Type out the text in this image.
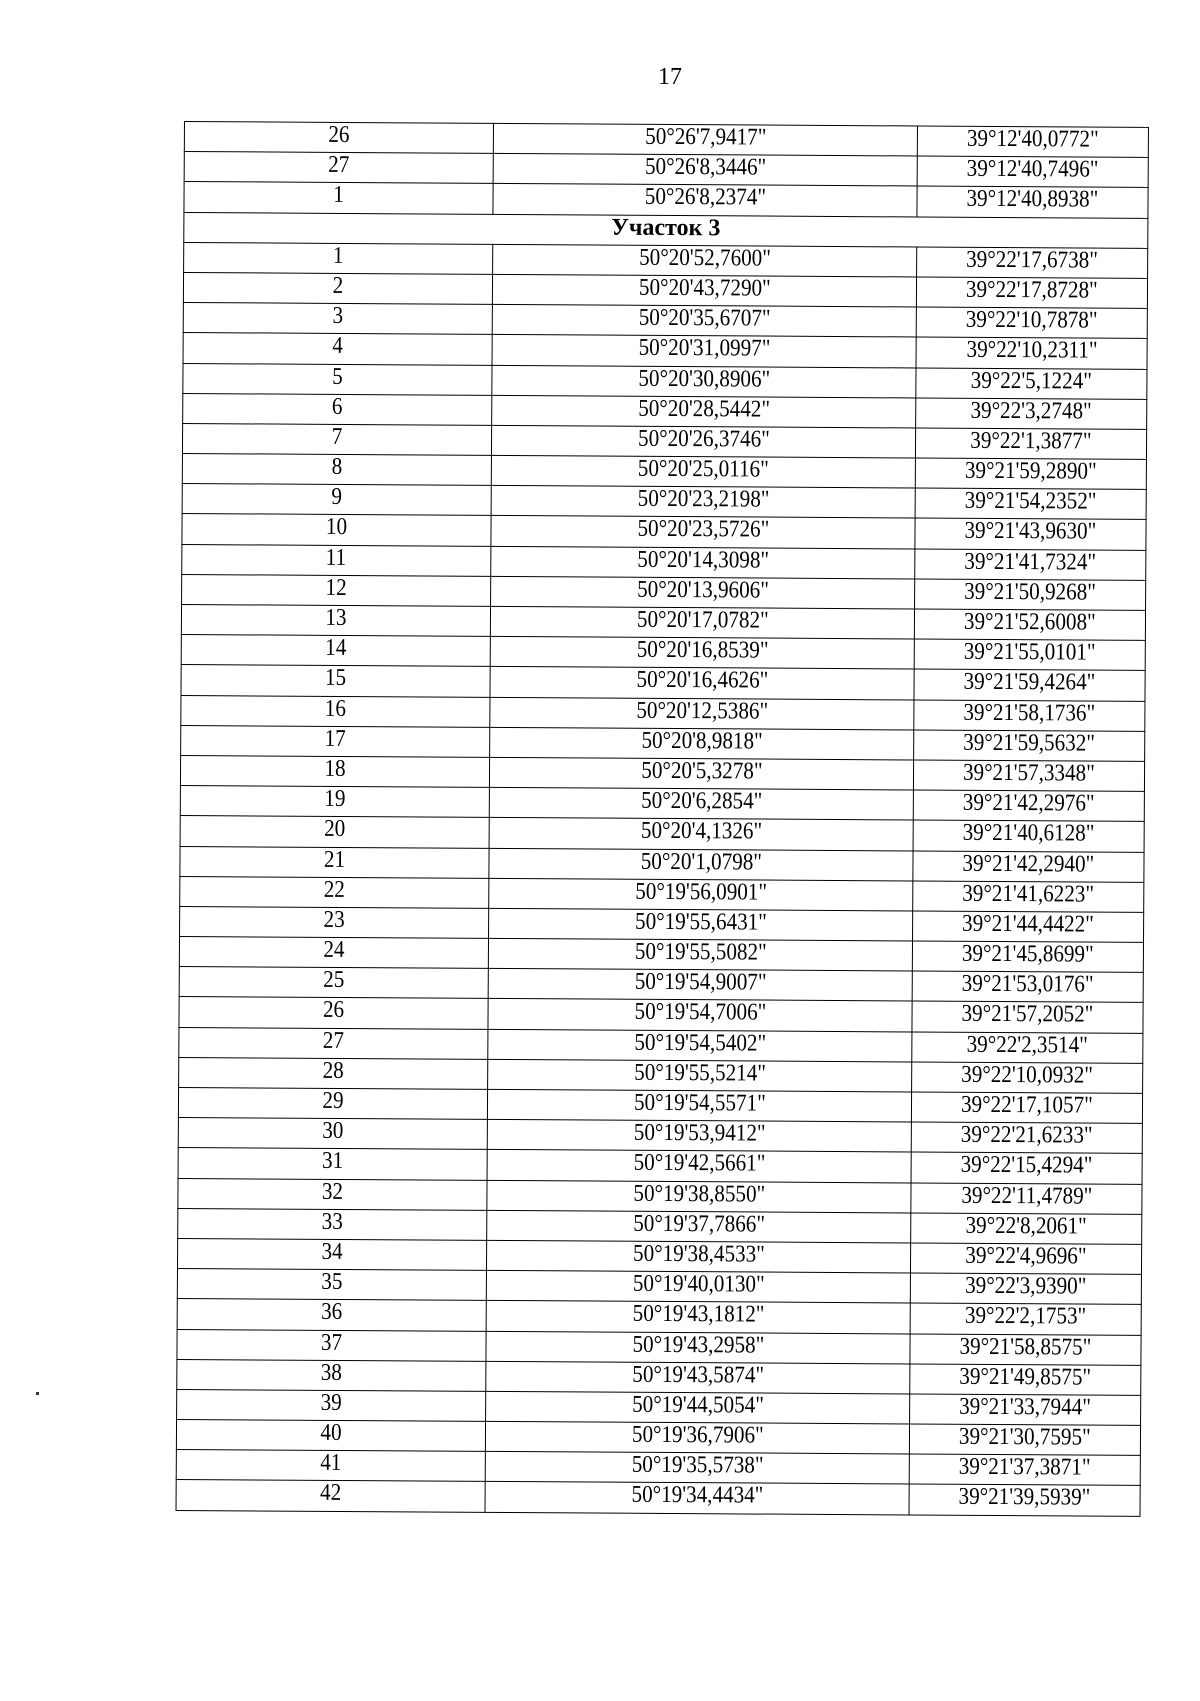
17
26	50°26'7,9417"	39°12'40,0772"
27	50°26'8,3446"	39°12'40,7496"
1	50°26'8,2374"	39°12'40,8938"
Участок 3		
1	50°20'52,7600"	39°22'17,6738"
2	50°20'43,7290"	39°22'17,8728"
3	50°20'35,6707"	39°22'10,7878"
4	50°20'31,0997"	39°22'10,2311"
5	50°20'30,8906"	39°22'5,1224"
6	50°20'28,5442"	39°22'3,2748"
7	50°20'26,3746"	39°22'1,3877"
8	50°20'25,0116"	39°21'59,2890"
9	50°20'23,2198"	39°21'54,2352"
10	50°20'23,5726"	39°21'43,9630"
11	50°20'14,3098"	39°21'41,7324"
12	50°20'13,9606"	39°21'50,9268"
13	50°20'17,0782"	39°21'52,6008"
14	50°20'16,8539"	39°21'55,0101"
15	50°20'16,4626"	39°21'59,4264"
16	50°20'12,5386"	39°21'58,1736"
17	50°20'8,9818"	39°21'59,5632"
18	50°20'5,3278"	39°21'57,3348"
19	50°20'6,2854"	39°21'42,2976"
20	50°20'4,1326"	39°21'40,6128"
21	50°20'1,0798"	39°21'42,2940"
22	50°19'56,0901"	39°21'41,6223"
23	50°19'55,6431"	39°21'44,4422"
24	50°19'55,5082"	39°21'45,8699"
25	50°19'54,9007"	39°21'53,0176"
26	50°19'54,7006"	39°21'57,2052"
27	50°19'54,5402"	39°22'2,3514"
28	50°19'55,5214"	39°22'10,0932"
29	50°19'54,5571"	39°22'17,1057"
30	50°19'53,9412"	39°22'21,6233"
31	50°19'42,5661"	39°22'15,4294"
32	50°19'38,8550"	39°22'11,4789"
33	50°19'37,7866"	39°22'8,2061"
34	50°19'38,4533"	39°22'4,9696"
35	50°19'40,0130"	39°22'3,9390"
36	50°19'43,1812"	39°22'2,1753"
37	50°19'43,2958"	39°21'58,8575"
38	50°19'43,5874"	39°21'49,8575"
39	50°19'44,5054"	39°21'33,7944"
40	50°19'36,7906"	39°21'30,7595"
41	50°19'35,5738"	39°21'37,3871"
42	50°19'34,4434"	39°21'39,5939"
